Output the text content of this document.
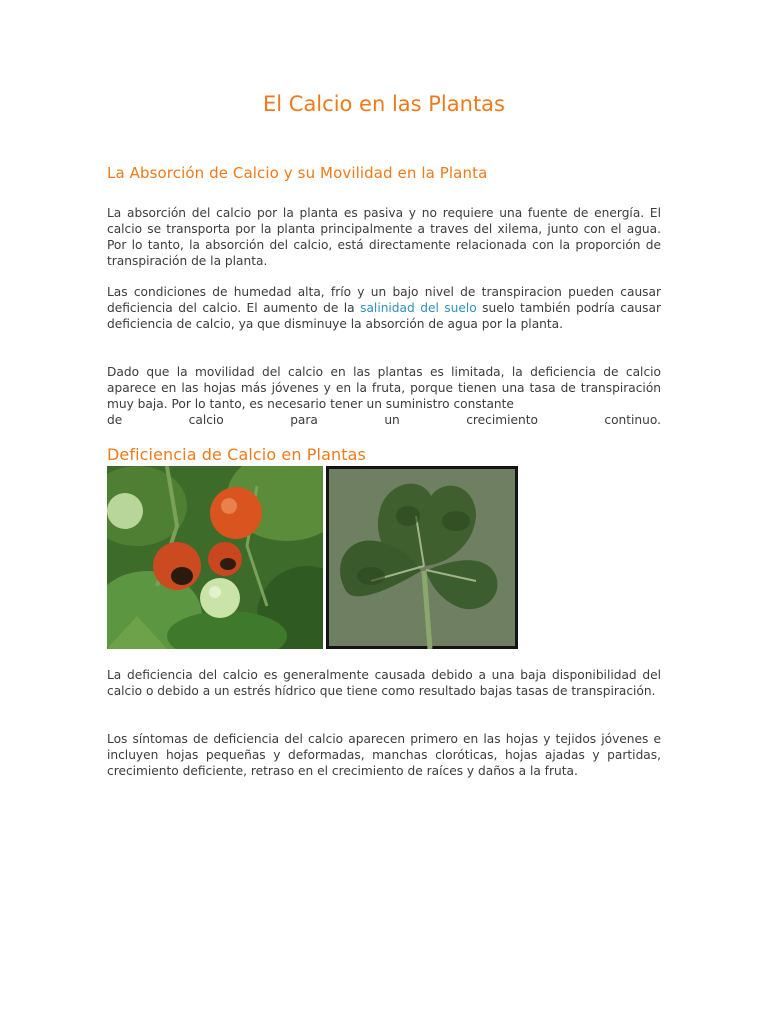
El Calcio en las Plantas
La Absorción de Calcio y su Movilidad en la Planta

La absorción del calcio por la planta es pasiva y no requiere una fuente de energía. El calcio se transporta por la planta principalmente a traves del xilema, junto con el agua. Por lo tanto, la absorción del calcio, está directamente relacionada con la proporción de transpiración de la planta.

Las condiciones de humedad alta, frío y un bajo nivel de transpiracion pueden causar deficiencia del calcio. El aumento de la salinidad del suelo suelo también podría causar deficiencia de calcio, ya que disminuye la absorción de agua por la planta.

Dado que la movilidad del calcio en las plantas es limitada, la deficiencia de calcio aparece en las hojas más jóvenes y en la fruta, porque tienen una tasa de transpiración muy baja. Por lo tanto, es necesario tener un suministro constante
de calcio para un crecimiento continuo.

Deficiencia de Calcio en Plantas

La deficiencia del calcio es generalmente causada debido a una baja disponibilidad del calcio o debido a un estrés hídrico que tiene como resultado bajas tasas de transpiración.

Los síntomas de deficiencia del calcio aparecen primero en las hojas y tejidos jóvenes e incluyen hojas pequeñas y deformadas, manchas cloróticas, hojas ajadas y partidas, crecimiento deficiente, retraso en el crecimiento de raíces y daños a la fruta.
